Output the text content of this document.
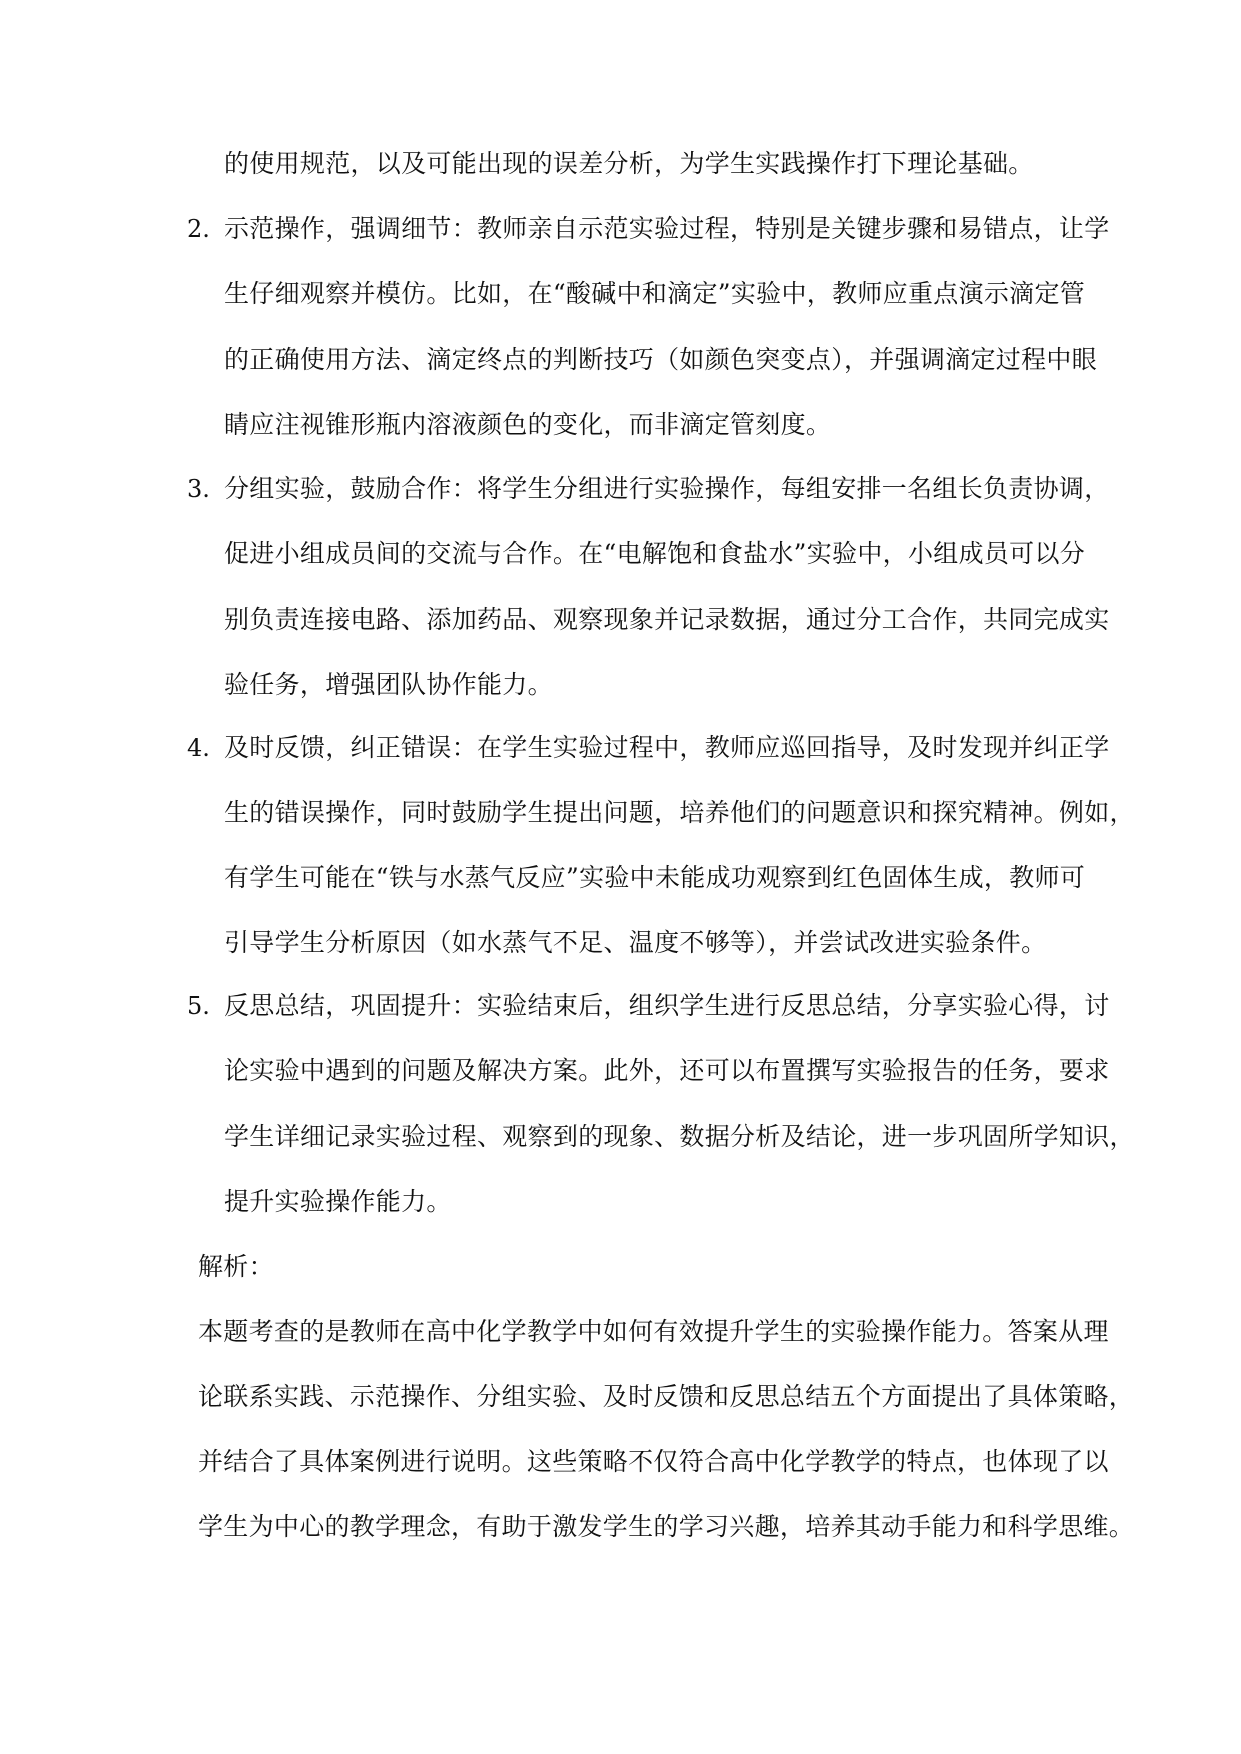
的使用规范，以及可能出现的误差分析，为学生实践操作打下理论基础。
2. 示范操作，强调细节：教师亲自示范实验过程，特别是关键步骤和易错点，让学
生仔细观察并模仿。比如，在“酸碱中和滴定”实验中，教师应重点演示滴定管
的正确使用方法、滴定终点的判断技巧（如颜色突变点），并强调滴定过程中眼
睛应注视锥形瓶内溶液颜色的变化，而非滴定管刻度。
3. 分组实验，鼓励合作：将学生分组进行实验操作，每组安排一名组长负责协调，
促进小组成员间的交流与合作。在“电解饱和食盐水”实验中，小组成员可以分
别负责连接电路、添加药品、观察现象并记录数据，通过分工合作，共同完成实
验任务，增强团队协作能力。
4. 及时反馈，纠正错误：在学生实验过程中，教师应巡回指导，及时发现并纠正学
生的错误操作，同时鼓励学生提出问题，培养他们的问题意识和探究精神。例如，
有学生可能在“铁与水蒸气反应”实验中未能成功观察到红色固体生成，教师可
引导学生分析原因（如水蒸气不足、温度不够等），并尝试改进实验条件。
5. 反思总结，巩固提升：实验结束后，组织学生进行反思总结，分享实验心得，讨
论实验中遇到的问题及解决方案。此外，还可以布置撰写实验报告的任务，要求
学生详细记录实验过程、观察到的现象、数据分析及结论，进一步巩固所学知识，
提升实验操作能力。
解析：
本题考查的是教师在高中化学教学中如何有效提升学生的实验操作能力。答案从理
论联系实践、示范操作、分组实验、及时反馈和反思总结五个方面提出了具体策略，
并结合了具体案例进行说明。这些策略不仅符合高中化学教学的特点，也体现了以
学生为中心的教学理念，有助于激发学生的学习兴趣，培养其动手能力和科学思维。
